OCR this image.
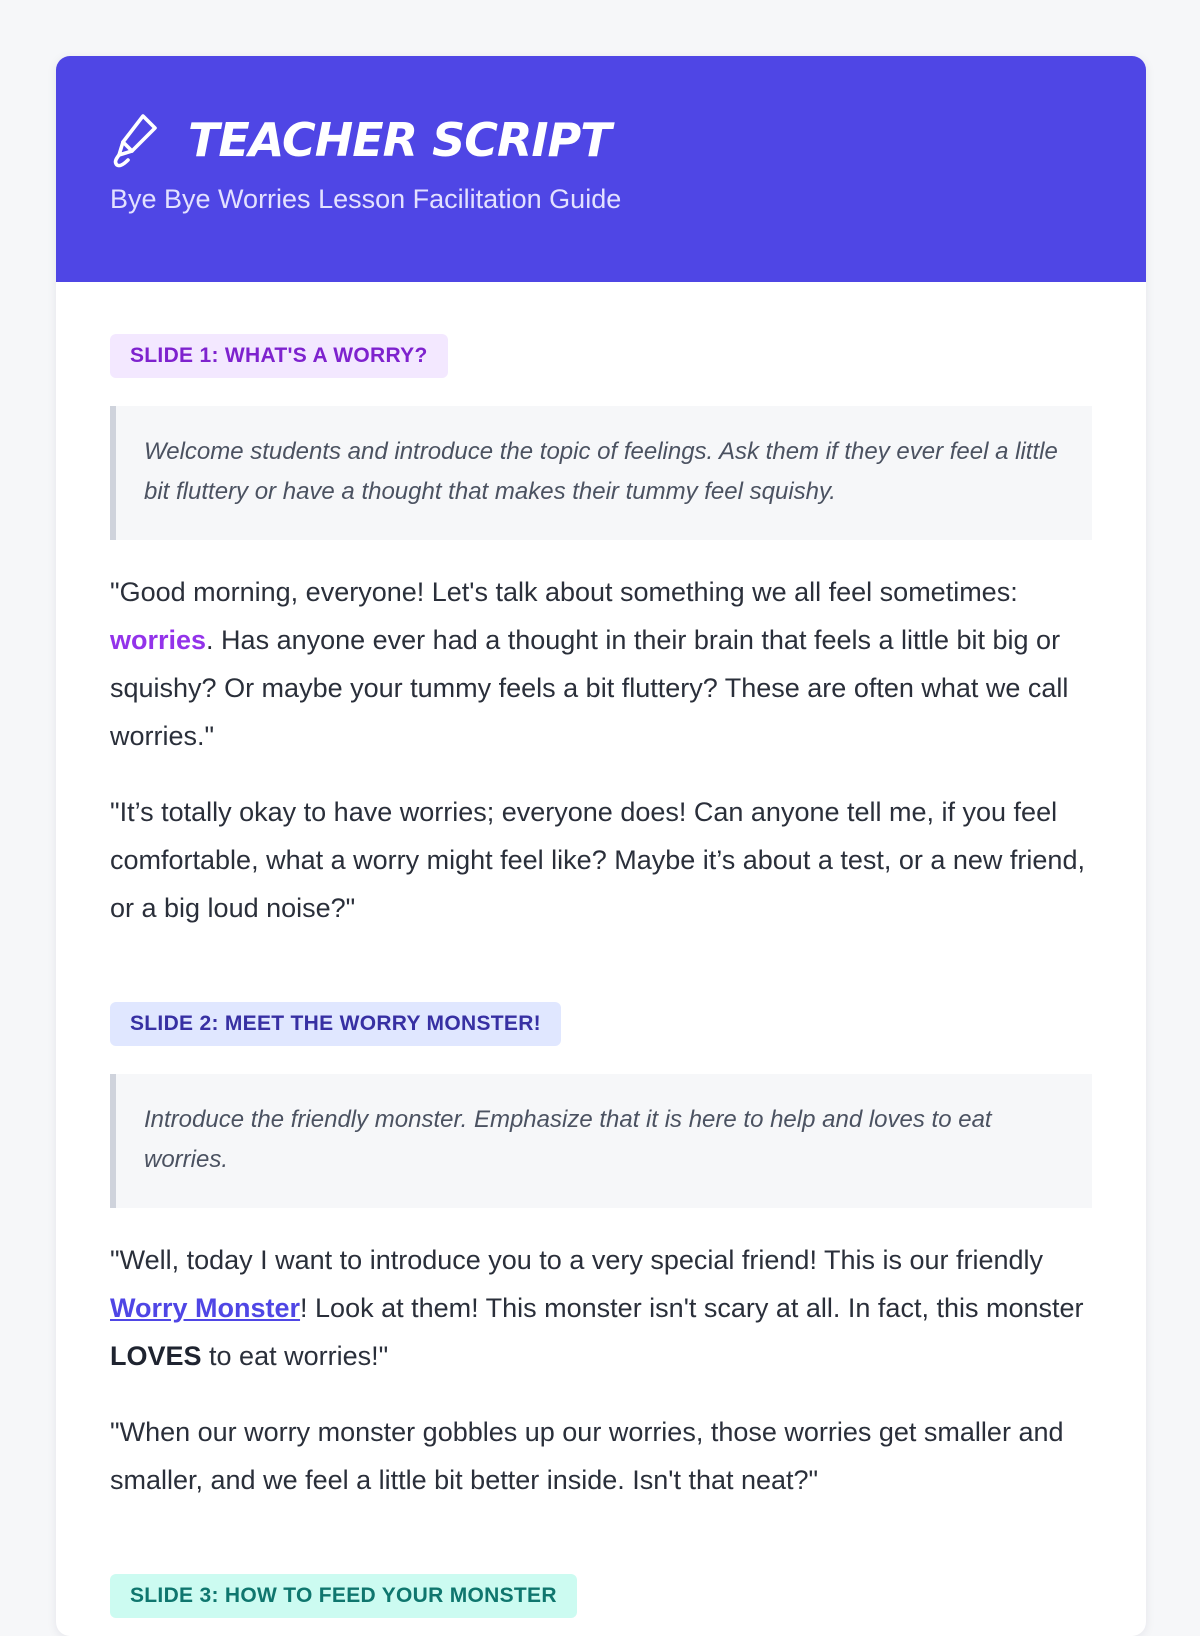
TEACHER SCRIPT
Bye Bye Worries Lesson Facilitation Guide
SLIDE 1: WHAT'S A WORRY?
Welcome students and introduce the topic of feelings. Ask them if they ever feel a little bit fluttery or have a thought that makes their tummy feel squishy.

"Good morning, everyone! Let's talk about something we all feel sometimes: worries. Has anyone ever had a thought in their brain that feels a little bit big or squishy? Or maybe your tummy feels a bit fluttery? These are often what we call worries."

"It’s totally okay to have worries; everyone does! Can anyone tell me, if you feel comfortable, what a worry might feel like? Maybe it’s about a test, or a new friend, or a big loud noise?"

SLIDE 2: MEET THE WORRY MONSTER!
Introduce the friendly monster. Emphasize that it is here to help and loves to eat worries.

"Well, today I want to introduce you to a very special friend! This is our friendly Worry Monster! Look at them! This monster isn't scary at all. In fact, this monster LOVES to eat worries!"

"When our worry monster gobbles up our worries, those worries get smaller and smaller, and we feel a little bit better inside. Isn't that neat?"

SLIDE 3: HOW TO FEED YOUR MONSTER
